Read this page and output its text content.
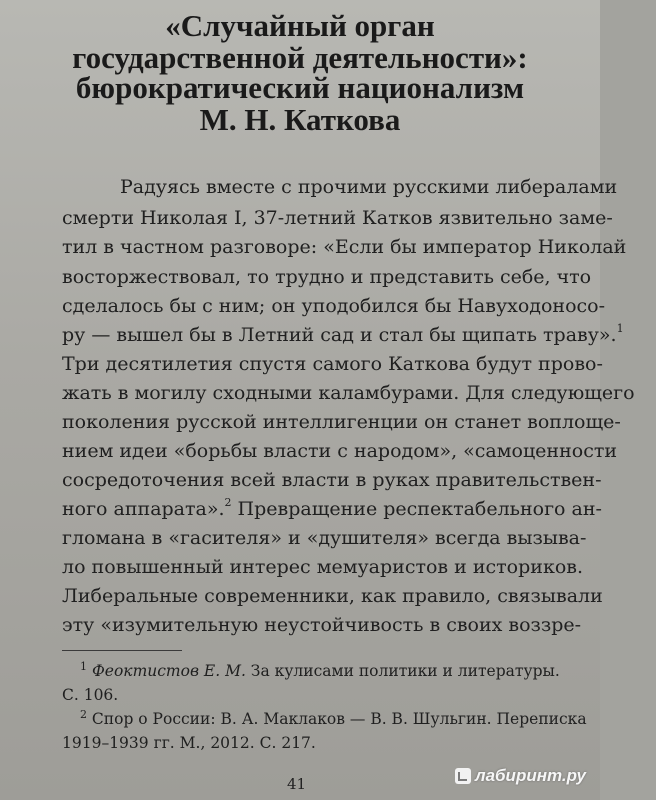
«Случайный орган
государственной деятельности»:
бюрократический национализм
М. Н. Каткова
Радуясь вместе с прочими русскими либералами
смерти Николая I, 37-летний Катков язвительно заме-
тил в частном разговоре: «Если бы император Николай
восторжествовал, то трудно и представить себе, что
сделалось бы с ним; он уподобился бы Навуходоносо-
ру — вышел бы в Летний сад и стал бы щипать траву».$^1$
Три десятилетия спустя самого Каткова будут прово-
жать в могилу сходными каламбурами. Для следующего
поколения русской интеллигенции он станет воплоще-
нием идеи «борьбы власти с народом», «самоценности
сосредоточения всей власти в руках правительствен-
ного аппарата».$^2$ Превращение респектабельного ан-
гломана в «гасителя» и «душителя» всегда вызыва-
ло повышенный интерес мемуаристов и историков.
Либеральные современники, как правило, связывали
эту «изумительную неустойчивость в своих воззре-
$^1$ Феоктистов Е. М. За кулисами политики и литературы.
С. 106.
$^2$ Спор о России: В. А. Маклаков — В. В. Шульгин. Переписка
1919–1939 гг. М., 2012. С. 217.
41	лабиринт.ру
